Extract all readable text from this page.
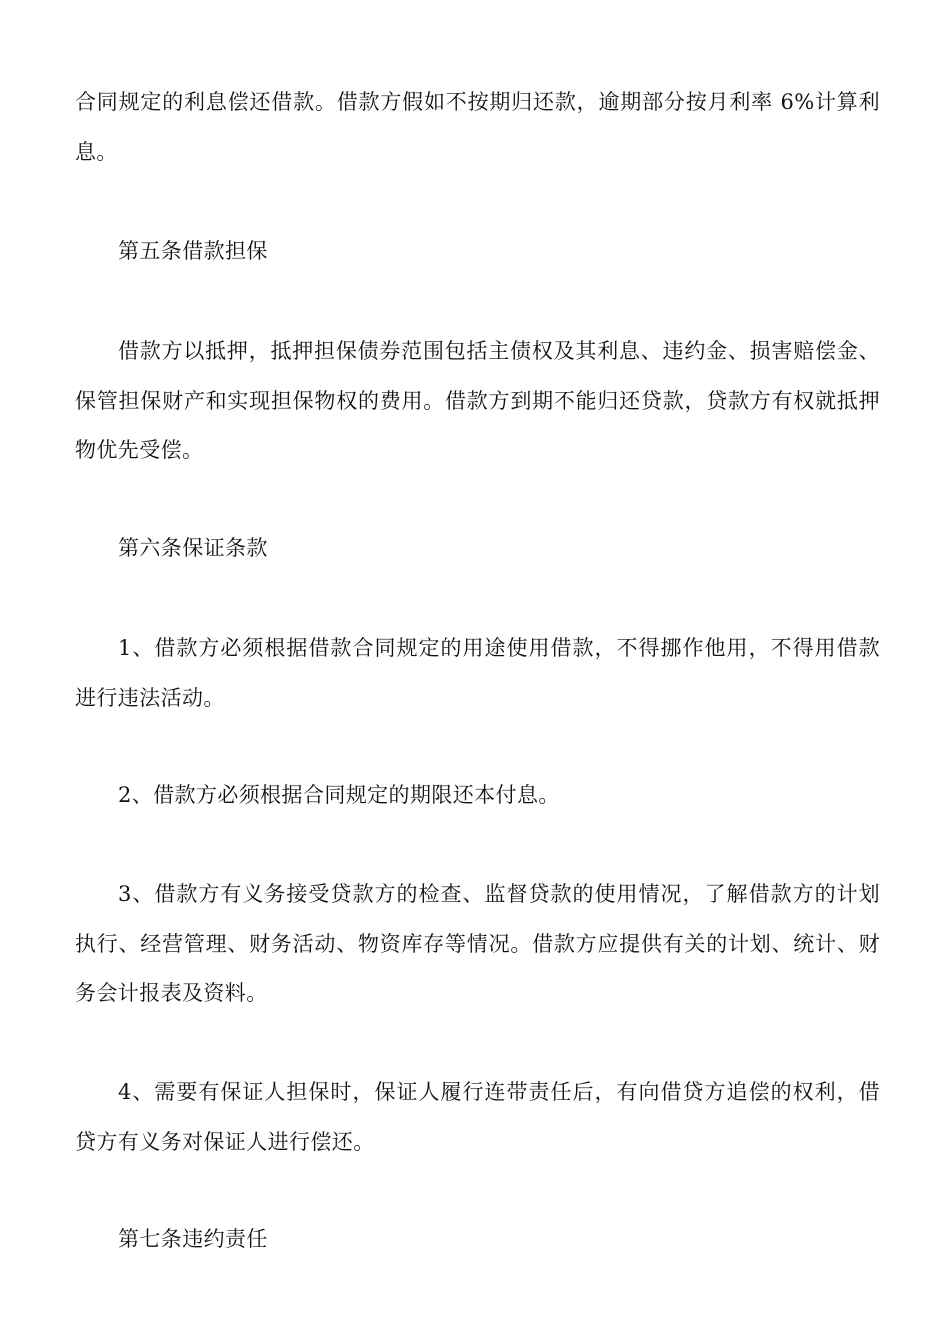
合同规定的利息偿还借款。借款方假如不按期归还款，逾期部分按月利率 6%计算利息。

第五条借款担保

借款方以抵押，抵押担保债券范围包括主债权及其利息、违约金、损害赔偿金、保管担保财产和实现担保物权的费用。借款方到期不能归还贷款，贷款方有权就抵押物优先受偿。

第六条保证条款

1、借款方必须根据借款合同规定的用途使用借款，不得挪作他用，不得用借款进行违法活动。

2、借款方必须根据合同规定的期限还本付息。

3、借款方有义务接受贷款方的检查、监督贷款的使用情况，了解借款方的计划执行、经营管理、财务活动、物资库存等情况。借款方应提供有关的计划、统计、财务会计报表及资料。

4、需要有保证人担保时，保证人履行连带责任后，有向借贷方追偿的权利，借贷方有义务对保证人进行偿还。

第七条违约责任
